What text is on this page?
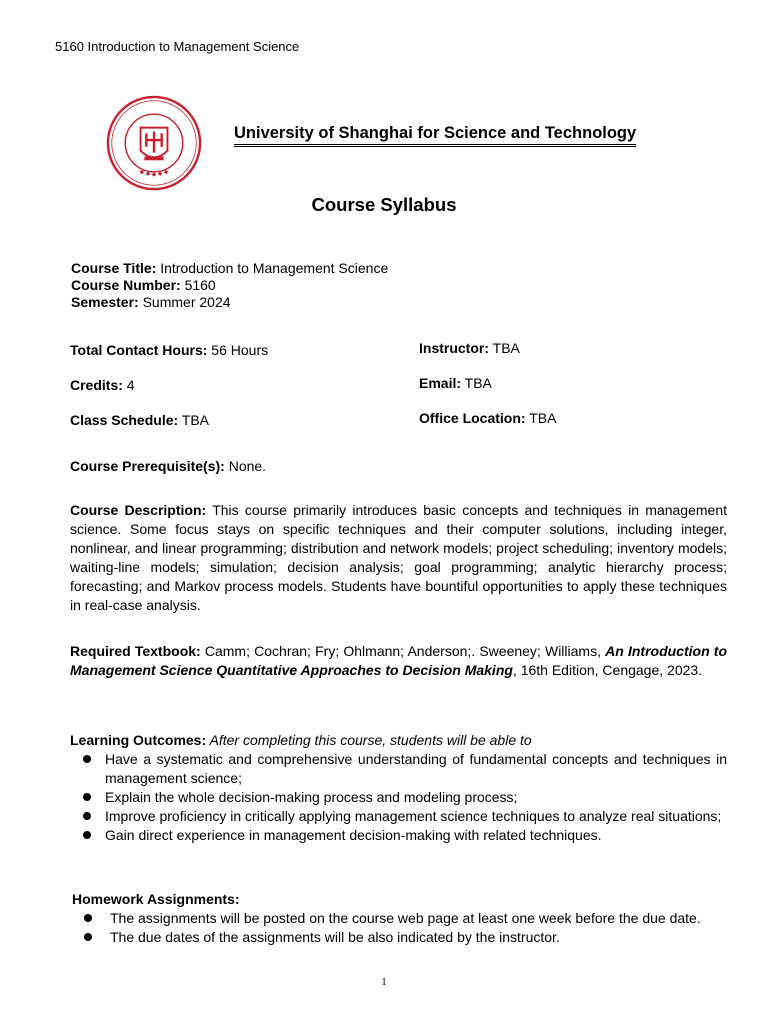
5160 Introduction to Management Science
◆ ◆ ◆ ◆ ◆
University of Shanghai for Science and Technology
Course Syllabus
Course Title: Introduction to Management Science
Course Number: 5160
Semester: Summer 2024
Total Contact Hours: 56 Hours
Credits: 4
Class Schedule: TBA
Instructor: TBA
Email: TBA
Office Location: TBA
Course Prerequisite(s): None.
Course Description: This course primarily introduces basic concepts and techniques in management science. Some focus stays on specific techniques and their computer solutions, including integer, nonlinear, and linear programming; distribution and network models; project scheduling; inventory models; waiting-line models; simulation; decision analysis; goal programming; analytic hierarchy process; forecasting; and Markov process models. Students have bountiful opportunities to apply these techniques in real-case analysis.
Required Textbook: Camm; Cochran; Fry; Ohlmann; Anderson;. Sweeney; Williams, An Introduction to Management Science Quantitative Approaches to Decision Making, 16th Edition, Cengage, 2023.
Learning Outcomes: After completing this course, students will be able to
Have a systematic and comprehensive understanding of fundamental concepts and techniques in management science;
Explain the whole decision-making process and modeling process;
Improve proficiency in critically applying management science techniques to analyze real situations;
Gain direct experience in management decision-making with related techniques.
Homework Assignments:
The assignments will be posted on the course web page at least one week before the due date.
The due dates of the assignments will be also indicated by the instructor.
1
